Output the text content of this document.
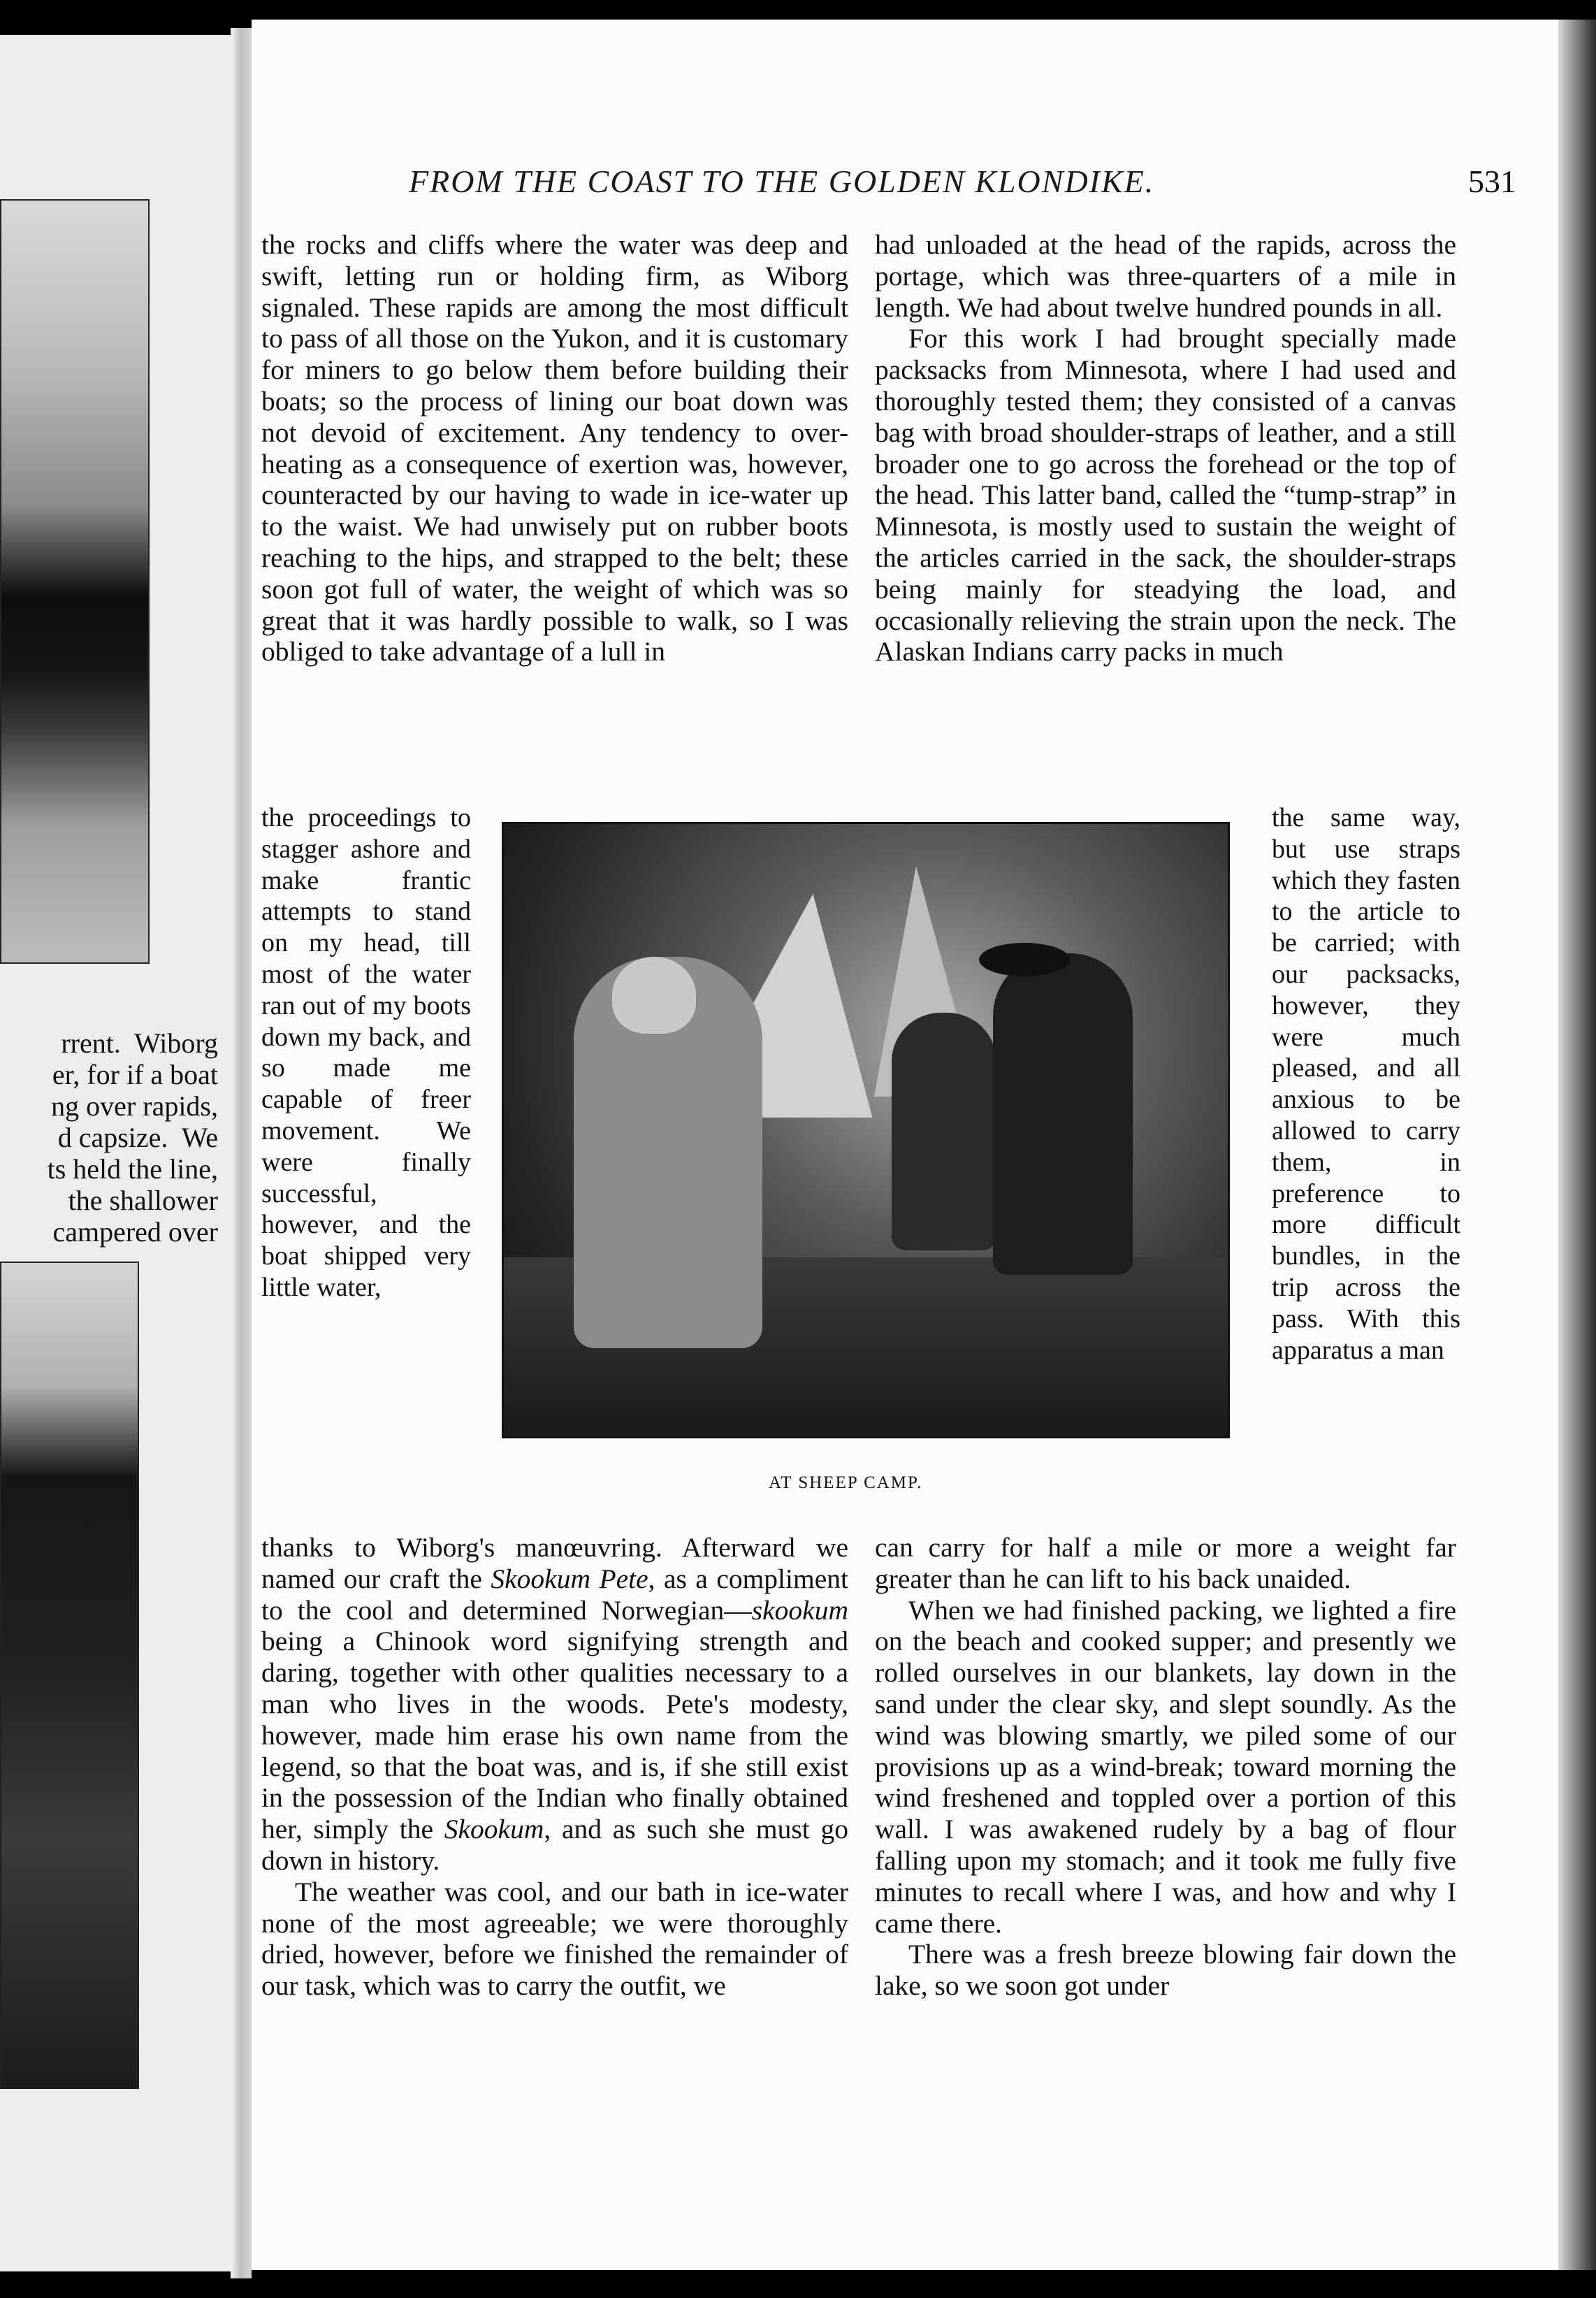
rrent.  Wiborg
er, for if a boat
ng over rapids,
d capsize.  We
ts held the line,
the shallower
campered over
FROM THE COAST TO THE GOLDEN KLONDIKE.	531

the rocks and cliffs where the water was deep and swift, letting run or holding firm, as Wiborg signaled. These rapids are among the most difficult to pass of all those on the Yukon, and it is customary for miners to go below them before building their boats; so the process of lining our boat down was not devoid of excitement. Any tendency to over-heating as a consequence of exertion was, however, counteracted by our having to wade in ice-water up to the waist. We had unwisely put on rubber boots reaching to the hips, and strapped to the belt; these soon got full of water, the weight of which was so great that it was hardly possible to walk, so I was obliged to take advantage of a lull in

the proceedings to stagger ashore and make frantic attempts to stand on my head, till most of the water ran out of my boots down my back, and so made me capable of freer movement. We were finally successful, however, and the boat shipped very little water,
AT SHEEP CAMP.
the same way, but use straps which they fasten to the article to be carried; with our packsacks, however, they were much pleased, and all anxious to be allowed to carry them, in preference to more difficult bundles, in the trip across the pass. With this apparatus a man

had unloaded at the head of the rapids, across the portage, which was three-quarters of a mile in length. We had about twelve hundred pounds in all.

For this work I had brought specially made packsacks from Minnesota, where I had used and thoroughly tested them; they consisted of a canvas bag with broad shoulder-straps of leather, and a still broader one to go across the forehead or the top of the head. This latter band, called the “tump-strap” in Minnesota, is mostly used to sustain the weight of the articles carried in the sack, the shoulder-straps being mainly for steadying the load, and occasionally relieving the strain upon the neck. The Alaskan Indians carry packs in much

thanks to Wiborg's manœuvring. Afterward we named our craft the Skookum Pete, as a compliment to the cool and determined Norwegian—skookum being a Chinook word signifying strength and daring, together with other qualities necessary to a man who lives in the woods. Pete's modesty, however, made him erase his own name from the legend, so that the boat was, and is, if she still exist in the possession of the Indian who finally obtained her, simply the Skookum, and as such she must go down in history.

The weather was cool, and our bath in ice-water none of the most agreeable; we were thoroughly dried, however, before we finished the remainder of our task, which was to carry the outfit, we

can carry for half a mile or more a weight far greater than he can lift to his back unaided.

When we had finished packing, we lighted a fire on the beach and cooked supper; and presently we rolled ourselves in our blankets, lay down in the sand under the clear sky, and slept soundly. As the wind was blowing smartly, we piled some of our provisions up as a wind-break; toward morning the wind freshened and toppled over a portion of this wall. I was awakened rudely by a bag of flour falling upon my stomach; and it took me fully five minutes to recall where I was, and how and why I came there.

There was a fresh breeze blowing fair down the lake, so we soon got under
